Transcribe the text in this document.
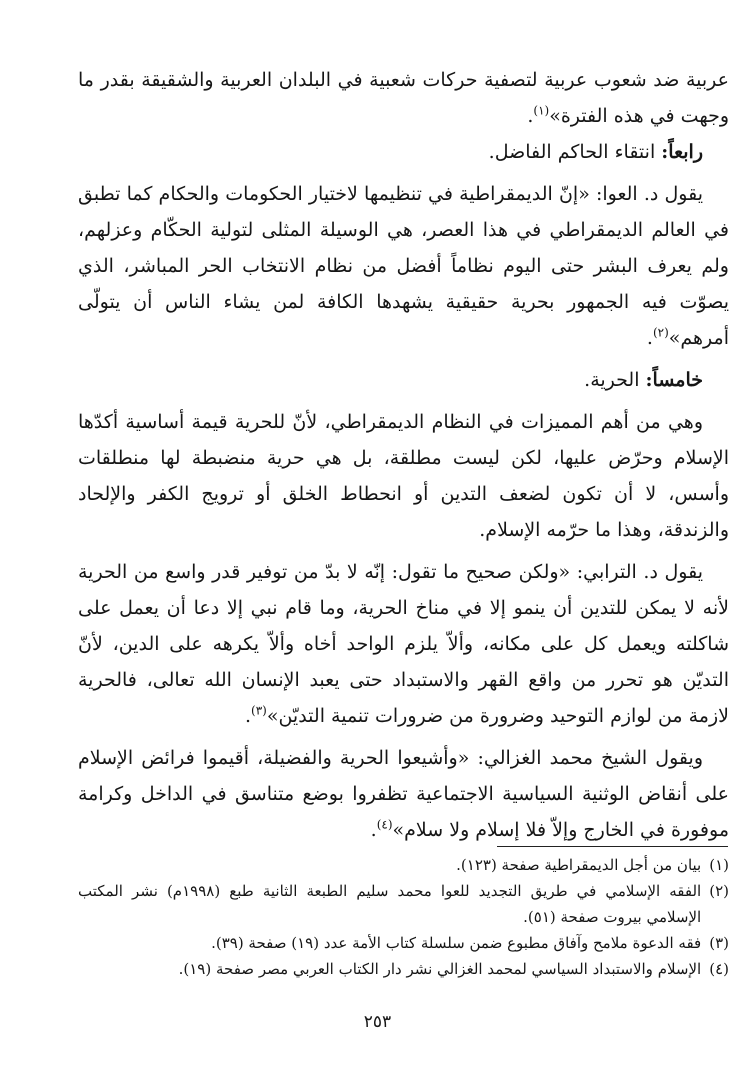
عربية ضد شعوب عربية لتصفية حركات شعبية في البلدان العربية والشقيقة بقدر ما وجهت في هذه الفترة»$^{(١)}$.

رابعاً: انتقاء الحاكم الفاضل.

يقول د. العوا: «إنّ الديمقراطية في تنظيمها لاختيار الحكومات والحكام كما تطبق في العالم الديمقراطي في هذا العصر، هي الوسيلة المثلى لتولية الحكّام وعزلهم، ولم يعرف البشر حتى اليوم نظاماً أفضل من نظام الانتخاب الحر المباشر، الذي يصوّت فيه الجمهور بحرية حقيقية يشهدها الكافة لمن يشاء الناس أن يتولّى أمرهم»$^{(٢)}$.

خامساً: الحرية.

وهي من أهم المميزات في النظام الديمقراطي، لأنّ للحرية قيمة أساسية أكدّها الإسلام وحرّض عليها، لكن ليست مطلقة، بل هي حرية منضبطة لها منطلقات وأسس، لا أن تكون لضعف التدين أو انحطاط الخلق أو ترويج الكفر والإلحاد والزندقة، وهذا ما حرّمه الإسلام.

يقول د. الترابي: «ولكن صحيح ما تقول: إنّه لا بدّ من توفير قدر واسع من الحرية لأنه لا يمكن للتدين أن ينمو إلا في مناخ الحرية، وما قام نبي إلا دعا أن يعمل على شاكلته ويعمل كل على مكانه، وألاّ يلزم الواحد أخاه وألاّ يكرهه على الدين، لأنّ التديّن هو تحرر من واقع القهر والاستبداد حتى يعبد الإنسان الله تعالى، فالحرية لازمة من لوازم التوحيد وضرورة من ضرورات تنمية التديّن»$^{(٣)}$.

ويقول الشيخ محمد الغزالي: «وأشيعوا الحرية والفضيلة، أقيموا فرائض الإسلام على أنقاض الوثنية السياسية الاجتماعية تظفروا بوضع متناسق في الداخل وكرامة موفورة في الخارج وإلاّ فلا إسلام ولا سلام»$^{(٤)}$.

(١)
بيان من أجل الديمقراطية صفحة (١٢٣).

(٢)
الفقه الإسلامي في طريق التجديد للعوا محمد سليم الطبعة الثانية طبع (١٩٩٨م) نشر المكتب الإسلامي بيروت صفحة (٥١).

(٣)
فقه الدعوة ملامح وآفاق مطبوع ضمن سلسلة كتاب الأمة عدد (١٩) صفحة (٣٩).

(٤)
الإسلام والاستبداد السياسي لمحمد الغزالي نشر دار الكتاب العربي مصر صفحة (١٩).

٢٥٣
